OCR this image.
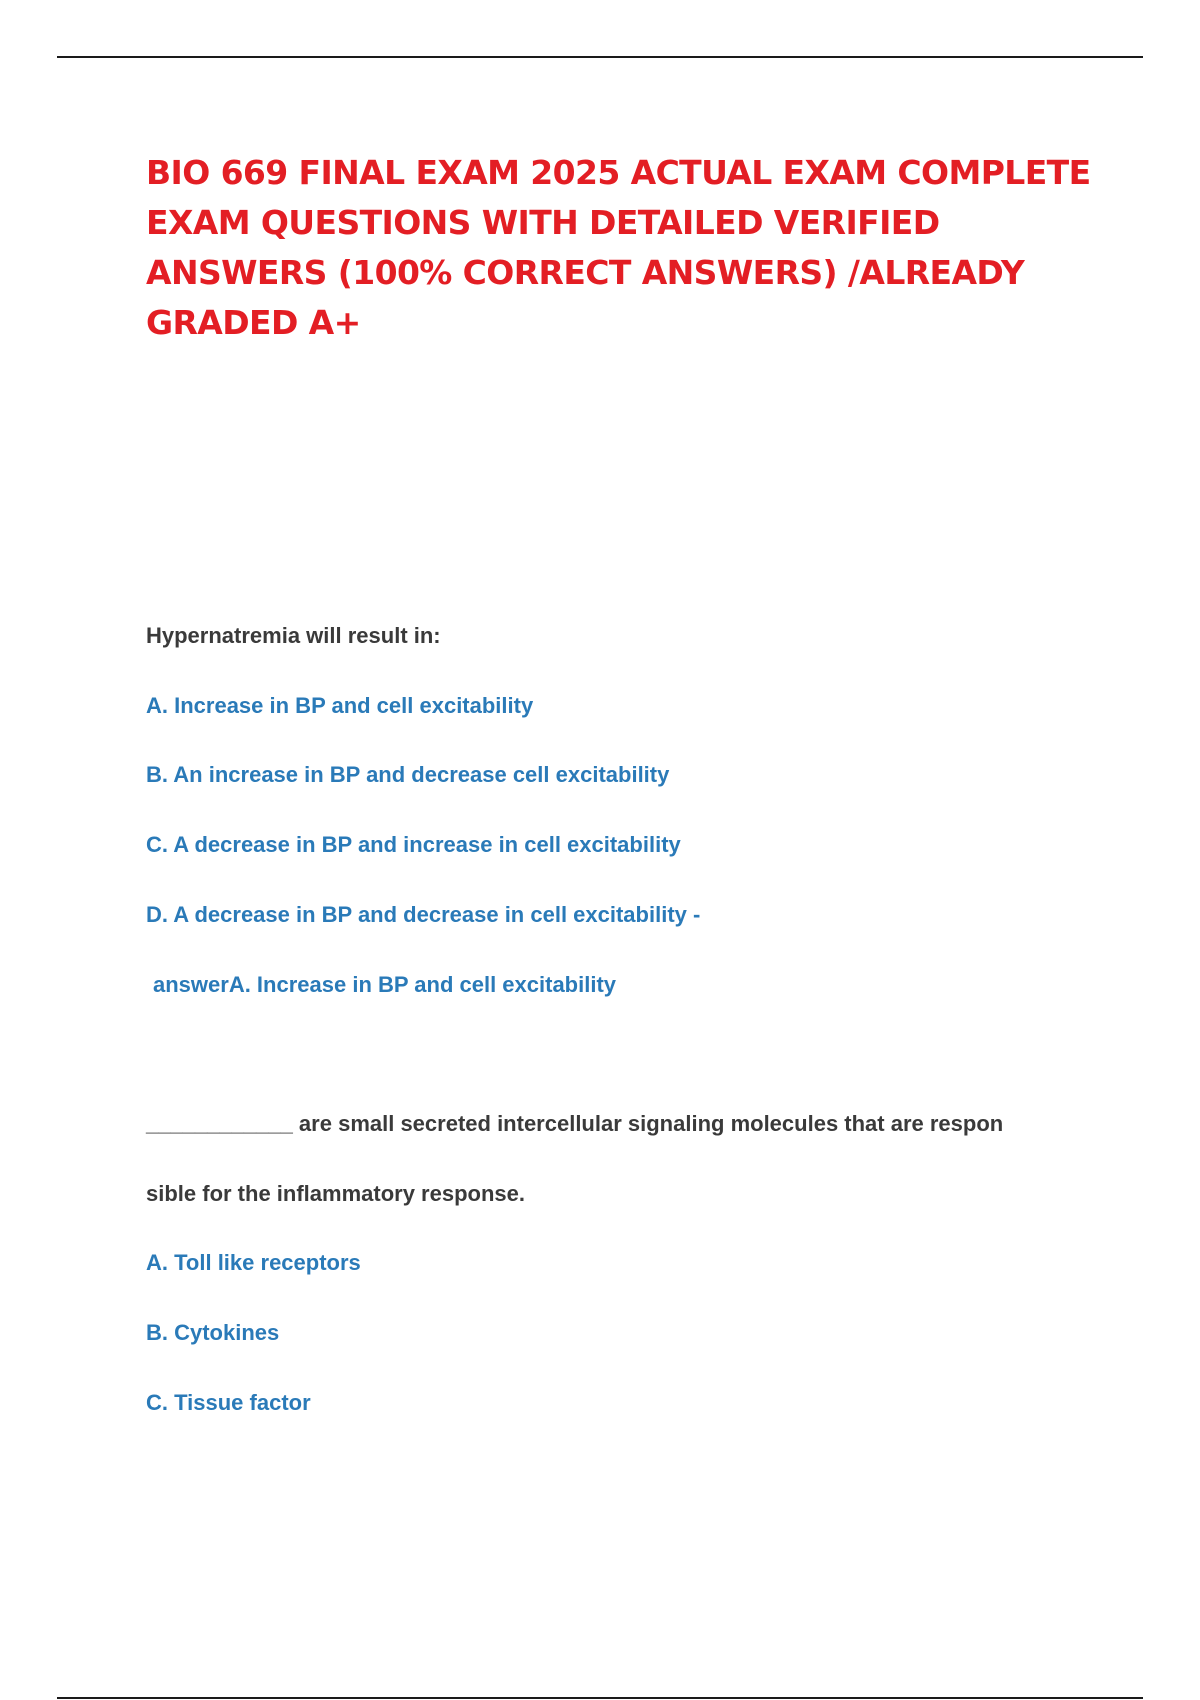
BIO 669 FINAL EXAM 2025 ACTUAL EXAM COMPLETE EXAM QUESTIONS WITH DETAILED VERIFIED ANSWERS (100% CORRECT ANSWERS) /ALREADY GRADED A+

Hypernatremia will result in:

A. Increase in BP and cell excitability

B. An increase in BP and decrease cell excitability

C. A decrease in BP and increase in cell excitability

D. A decrease in BP and decrease in cell excitability -

answerA. Increase in BP and cell excitability

____________ are small secreted intercellular signaling molecules that are respon

sible for the inflammatory response.

A. Toll like receptors

B. Cytokines

C. Tissue factor
